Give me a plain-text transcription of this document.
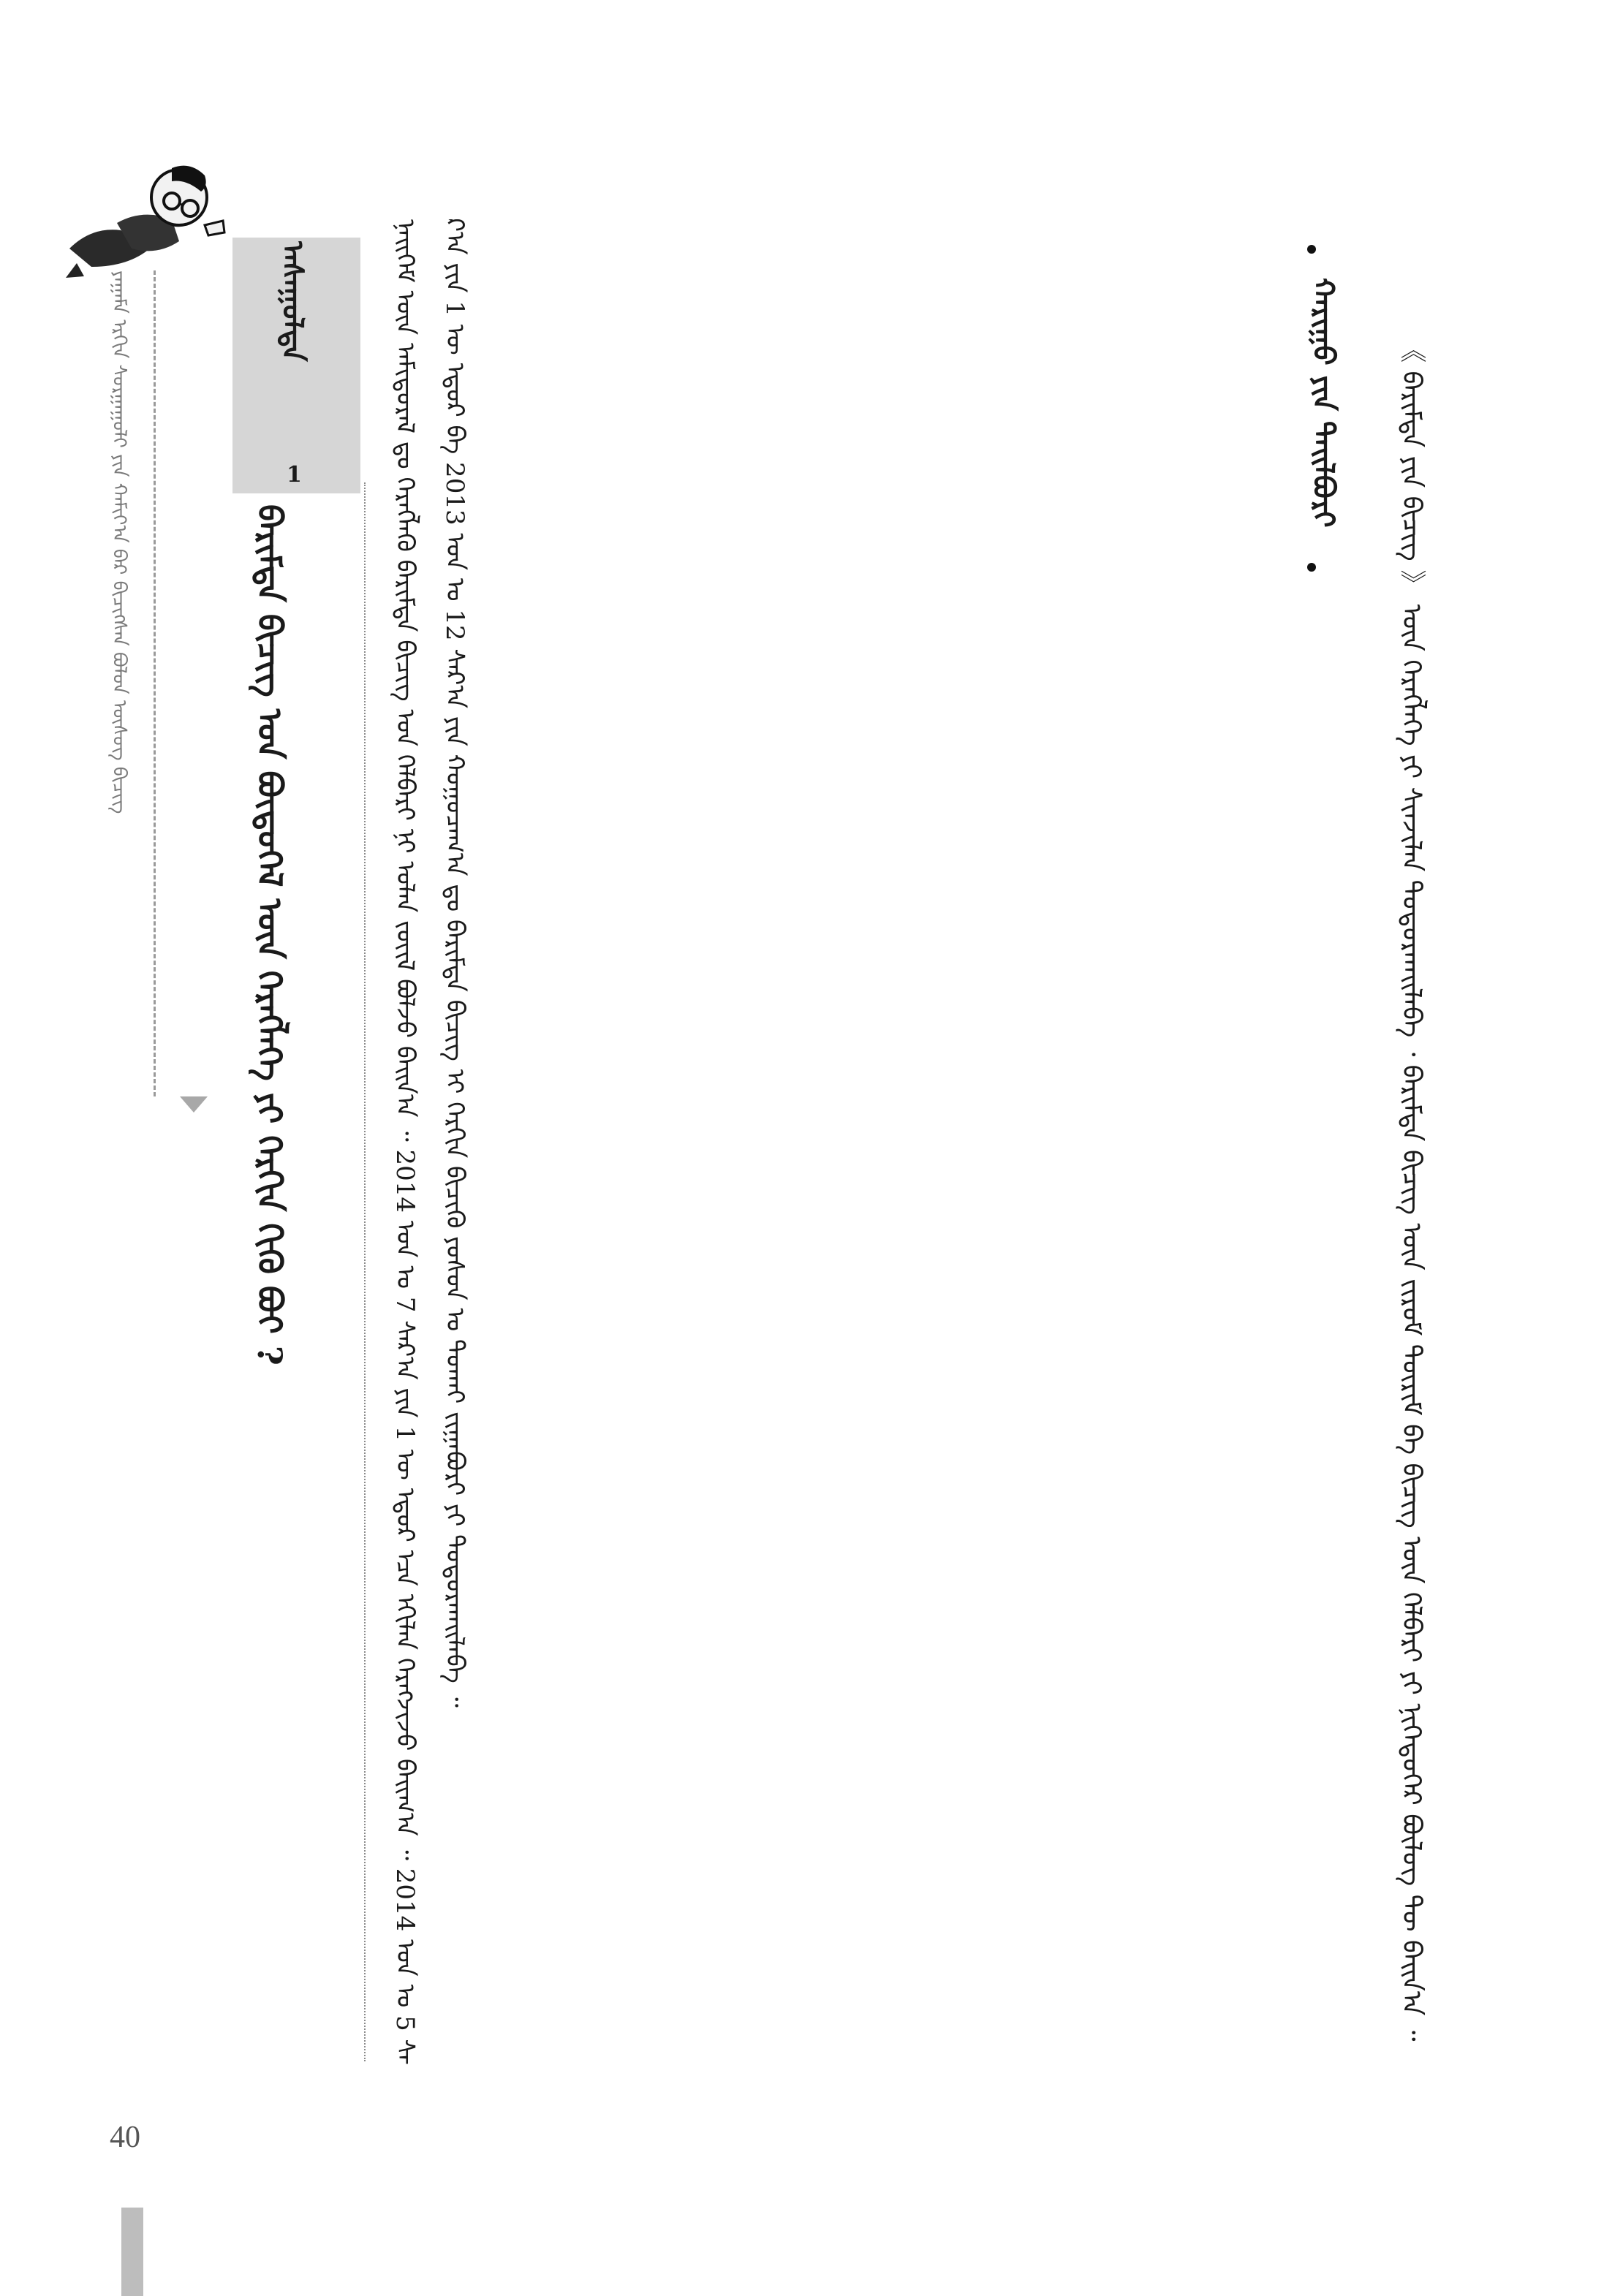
ᠶᠠᠭᠠᠮᠠ ᠡᠷᠭᠢᠨ ᠰᠤᠷᠭᠠᠭᠤᠯᠢ ᠶᠢᠨ ᠬᠠᠮᠢᠶ᠎ᠠ ᠪᠡᠷ ᠪᠢᠴᠢᠭᠰᠡᠨ ᠪᠣᠯᠤᠨ ᠦᠰᠦᠭ ᠪᠢᠴᠢᠭ	ᠠᠰᠠᠭᠤᠯᠲᠠ
1
ᠪᠠᠷᠢᠮᠲᠠ ᠪᠢᠴᠢᠭ ᠤᠨ ᠪᠦᠲᠦᠭᠡᠯ ᠦᠨ ᠬᠡᠷᠡᠭᠯᠡᠭᠡ ᠶᠢ ᠬᠡᠷᠬᠢᠨ ᠬᠢᠬᠦ ᠪᠤᠢ ?	ᠨᠡᠢᠭᠡᠮ ᠦᠨ ᠠᠮᠢᠳᠤᠷᠠᠯ ᠳᠤ ᠬᠡᠷᠡᠭᠯᠡᠬᠦ ᠪᠠᠷᠢᠮᠲᠠ ᠪᠢᠴᠢᠭ ᠤᠨ ᠬᠡᠯᠪᠡᠷᠢ ᠨᠢ ᠣᠯᠠᠨ ᠵᠦᠢᠯ ᠪᠣᠯᠵᠤ ᠪᠠᠢᠨ᠎ᠠ ᠃ 2014 ᠣᠨ ᠤ 7 ᠰᠠᠷ᠎ᠠ ᠶᠢᠨ 1 ᠦ ᠡᠳᠦᠷ ᠡᠴᠡ ᠡᠬᠢᠯᠡᠨ ᠬᠡᠷᠡᠭᠵᠢᠵᠦ ᠪᠠᠢᠭ᠎ᠠ ᠃ 2014 ᠣᠨ ᠤ 5 ᠰᠠᠷ᠎ᠠ ᠶᠢᠨ 1 ᠦ ᠡᠳᠦᠷ ᠪᠠ 2013 ᠣᠨ ᠤ 12 ᠰᠠᠷ᠎ᠠ ᠶᠢᠨ ᠬᠤᠭᠤᠴᠠᠭ᠎ᠠ ᠳᠤ ᠪᠠᠷᠢᠮᠲᠠ ᠪᠢᠴᠢᠭ ᠢ ᠬᠡᠷᠬᠢᠨ ᠪᠢᠴᠢᠬᠦ ᠶᠣᠰᠣᠨ ᠤ ᠲᠤᠬᠠᠢ ᠵᠢᠭᠠᠪᠤᠷᠢ ᠶᠢ ᠲᠣᠳᠤᠷᠬᠠᠢᠯᠠᠪᠠ ᠃	ᠬᠠᠷᠢᠭᠤ ᠶᠢᠨ ᠲᠠᠢᠯᠪᠤᠷᠢ	《 ᠪᠠᠷᠢᠮᠲᠠ ᠶᠢᠨ ᠪᠢᠴᠢᠭ 》 ᠦᠨ ᠬᠡᠷᠡᠭᠯᠡᠭᠡ ᠶᠢ ᠰᠢᠨᠵᠢᠯᠡᠨ ᠲᠣᠳᠤᠷᠬᠠᠢᠯᠠᠪᠠ ᠂ ᠪᠠᠷᠢᠮᠲᠠ ᠪᠢᠴᠢᠭ ᠦᠨ ᠵᠢᠷᠤᠮ ᠳᠦᠷᠢᠮ ᠪᠠ ᠪᠢᠴᠢᠭ ᠦᠨ ᠬᠡᠯᠪᠡᠷᠢ ᠶᠢ ᠨᠢᠭᠡᠳᠦᠭᠡᠷ ᠪᠦᠯᠦᠭ ᠲᠦ ᠪᠠᠢᠨ᠎ᠠ ᠃
40
